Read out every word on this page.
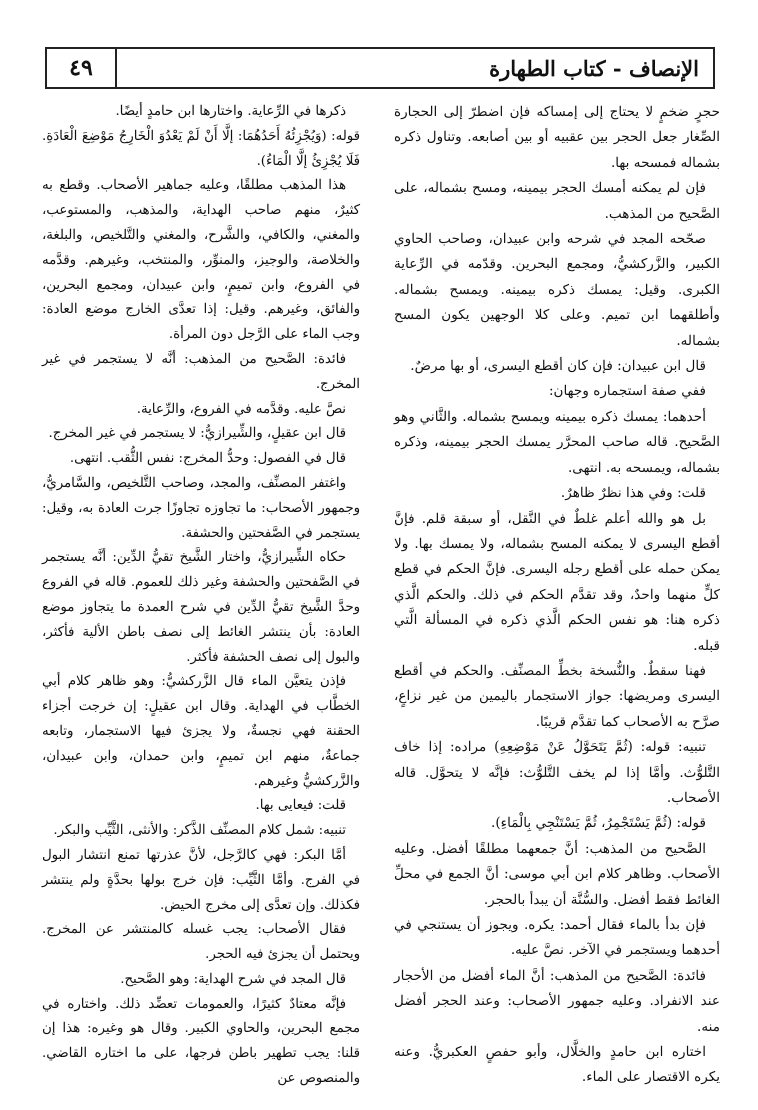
٤٩	الإنصاف - كتاب الطهارة

حجرٍ ضخمٍ لا يحتاج إلى إمساكه فإن اضطرّ إلى الحجارة الصِّغار جعل الحجر بين عقبيه أو بين أصابعه. وتناول ذكره بشماله فمسحه بها.

فإن لم يمكنه أمسك الحجر بيمينه، ومسح بشماله، على الصَّحيح من المذهب.

صحّحه المجد في شرحه وابن عبيدان، وصاحب الحاوي الكبير، والزَّركشيُّ، ومجمع البحرين. وقدّمه في الرِّعاية الكبرى. وقيل: يمسك ذكره بيمينه. ويمسح بشماله. وأطلقهما ابن تميم. وعلى كلا الوجهين يكون المسح بشماله.

قال ابن عبيدان: فإن كان أقطع اليسرى، أو بها مرضٌ.

ففي صفة استجماره وجهان:

أحدهما: يمسك ذكره بيمينه ويمسح بشماله. والثَّاني وهو الصَّحيح. قاله صاحب المحرَّر يمسك الحجر بيمينه، وذكره بشماله، ويمسحه به. انتهى.

قلت: وفي هذا نظرٌ ظاهرٌ.

بل هو والله أعلم غلطٌ في النَّقل، أو سبقة قلم. فإنَّ أقطع اليسرى لا يمكنه المسح بشماله، ولا يمسك بها. ولا يمكن حمله على أقطع رجله اليسرى. فإنَّ الحكم في قطع كلٍّ منهما واحدٌ، وقد تقدَّم الحكم في ذلك. والحكم الَّذي ذكره هنا: هو نفس الحكم الَّذي ذكره في المسألة الَّتي قبله.

فهنا سقطٌ. والنُّسخة بخطِّ المصنِّف. والحكم في أقطع اليسرى ومريضها: جواز الاستجمار باليمين من غير نزاعٍ، صرَّح به الأصحاب كما تقدَّم قريبًا.

تنبيه: قوله: (ثُمَّ يَتَحَوَّلُ عَنْ مَوْضِعِهِ) مراده: إذا خاف التَّلوُّث. وأمَّا إذا لم يخف التَّلوُّث: فإنَّه لا يتحوَّل. قاله الأصحاب.

قوله: (ثُمَّ يَسْتَجْمِرُ، ثُمَّ يَسْتَنْجِي بِالْمَاءِ).

الصَّحيح من المذهب: أنَّ جمعهما مطلقًا أفضل. وعليه الأصحاب. وظاهر كلام ابن أبي موسى: أنَّ الجمع في محلِّ الغائط فقط أفضل. والسُّنَّة أن يبدأ بالحجر.

فإن بدأ بالماء فقال أحمد: يكره. ويجوز أن يستنجي في أحدهما ويستجمر في الآخر. نصَّ عليه.

فائدة: الصَّحيح من المذهب: أنَّ الماء أفضل من الأحجار عند الانفراد. وعليه جمهور الأصحاب: وعند الحجر أفضل منه.

اختاره ابن حامدٍ والخلَّال، وأبو حفصٍ العكبريُّ. وعنه يكره الاقتصار على الماء.

ذكرها في الرِّعاية. واختارها ابن حامدٍ أيضًا.

قوله: (وَيُجْزِئُهُ أَحَدُهُمَا: إلَّا أَنْ لَمْ يَعْدُوَ الْخَارِجُ مَوْضِعَ الْعَادَةِ. فَلَا يُجْزِئُ إلَّا الْمَاءُ).

هذا المذهب مطلقًا، وعليه جماهير الأصحاب. وقطع به كثيرٌ، منهم صاحب الهداية، والمذهب، والمستوعب، والمغني، والكافي، والشَّرح، والمغني والتَّلخيص، والبلغة، والخلاصة، والوجيز، والمنوِّر، والمنتخب، وغيرهم. وقدَّمه في الفروع، وابن تميمٍ، وابن عبيدان، ومجمع البحرين، والفائق، وغيرهم. وقيل: إذا تعدَّى الخارج موضع العادة: وجب الماء على الرَّجل دون المرأة.

فائدة: الصَّحيح من المذهب: أنَّه لا يستجمر في غير المخرج.

نصَّ عليه. وقدَّمه في الفروع، والرِّعاية.

قال ابن عقيلٍ، والشِّيرازيُّ: لا يستجمر في غير المخرج.

قال في الفصول: وحدُّ المخرج: نفس الثُّقب. انتهى.

واغتفر المصنِّف، والمجد، وصاحب التَّلخيص، والسَّامريُّ، وجمهور الأصحاب: ما تجاوزه تجاوزًا جرت العادة به، وقيل: يستجمر في الصَّفحتين والحشفة.

حكاه الشِّيرازيُّ، واختار الشَّيخ تقيُّ الدِّين: أنَّه يستجمر في الصَّفحتين والحشفة وغير ذلك للعموم. قاله في الفروع وحدَّ الشَّيخ تقيُّ الدِّين في شرح العمدة ما يتجاوز موضع العادة: بأن ينتشر الغائط إلى نصف باطن الألية فأكثر، والبول إلى نصف الحشفة فأكثر.

فإذن يتعيَّن الماء قال الزَّركشيُّ: وهو ظاهر كلام أبي الخطَّاب في الهداية. وقال ابن عقيلٍ: إن خرجت أجزاء الحقنة فهي نجسةٌ، ولا يجزئ فيها الاستجمار، وتابعه جماعةٌ، منهم ابن تميمٍ، وابن حمدان، وابن عبيدان، والزَّركشيُّ وغيرهم.

قلت: فيعايى بها.

تنبيه: شمل كلام المصنِّف الذَّكر: والأنثى، الثَّيِّب والبكر.

أمَّا البكر: فهي كالرَّجل، لأنَّ عذرتها تمنع انتشار البول في الفرج. وأمَّا الثَّيِّب: فإن خرج بولها بحدَّةٍ ولم ينتشر فكذلك. وإن تعدَّى إلى مخرج الحيض.

فقال الأصحاب: يجب غسله كالمنتشر عن المخرج. ويحتمل أن يجزئ فيه الحجر.

قال المجد في شرح الهداية: وهو الصَّحيح.

فإنَّه معتادٌ كثيرًا، والعمومات تعضِّد ذلك. واختاره في مجمع البحرين، والحاوي الكبير. وقال هو وغيره: هذا إن قلنا: يجب تطهير باطن فرجها، على ما اختاره القاضي. والمنصوص عن
